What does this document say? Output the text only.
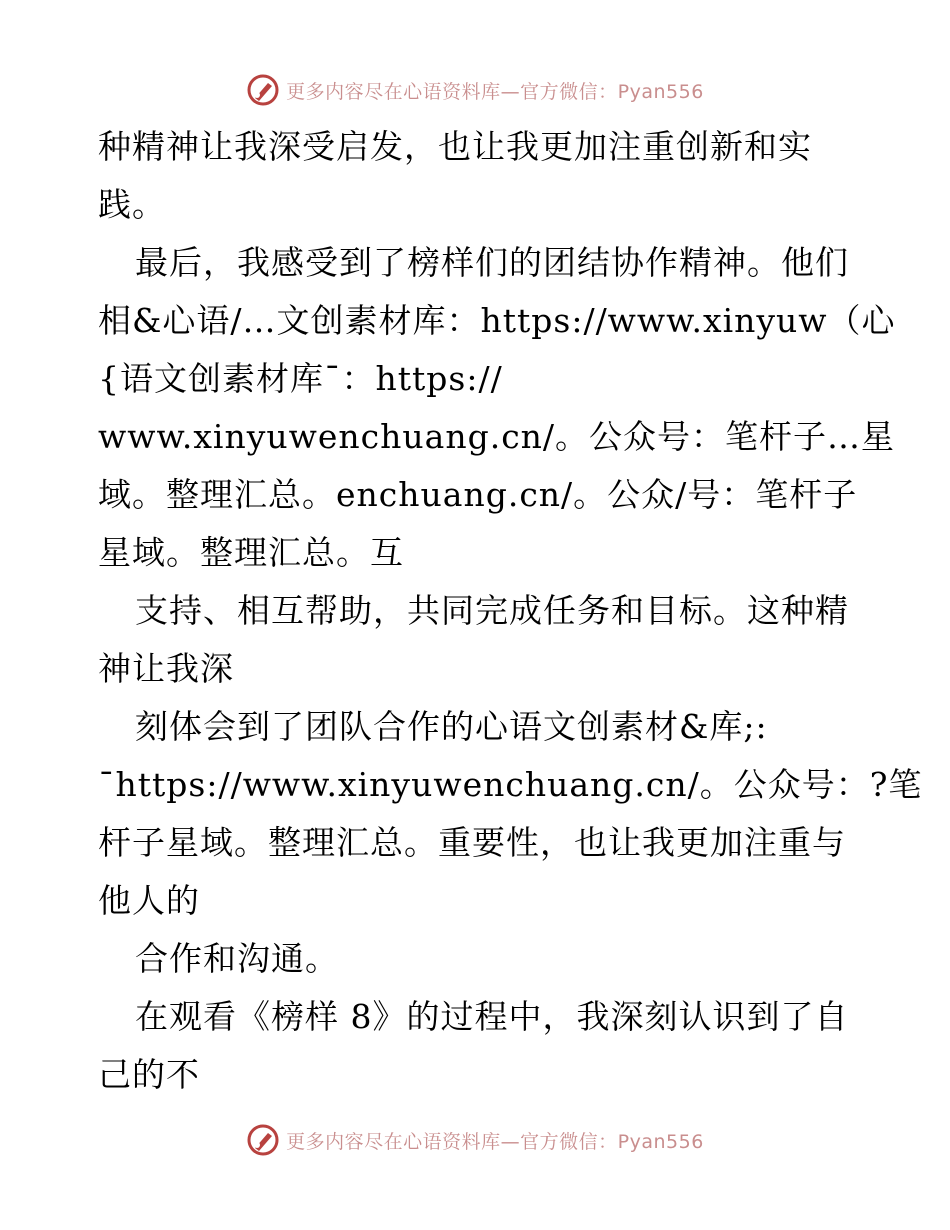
更多内容尽在心语资料库—官方微信：Pyan556
种精神让我深受启发，也让我更加注重创新和实
践。
最后，我感受到了榜样们的团结协作精神。他们
相&心语/…文创素材库：https://www.xinyuw（心
{语文创素材库¯：https://
www.xinyuwenchuang.cn/。公众号：笔杆子…星
域。整理汇总。enchuang.cn/。公众/号：笔杆子
星域。整理汇总。互
支持、相互帮助，共同完成任务和目标。这种精
神让我深
刻体会到了团队合作的心语文创素材&库;:
¯https://www.xinyuwenchuang.cn/。公众号：?笔
杆子星域。整理汇总。重要性，也让我更加注重与
他人的
合作和沟通。
在观看《榜样 8》的过程中，我深刻认识到了自
己的不
更多内容尽在心语资料库—官方微信：Pyan556
